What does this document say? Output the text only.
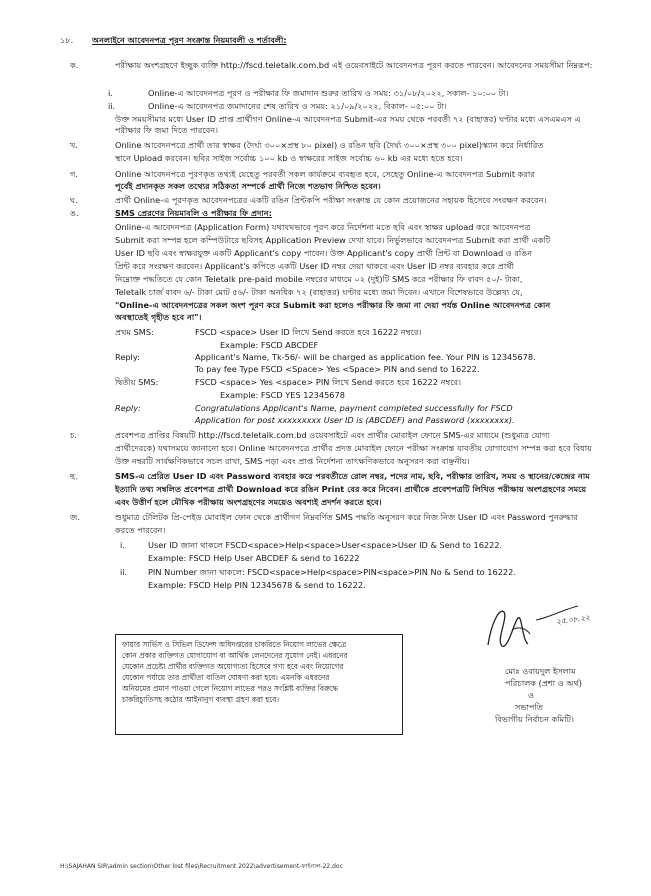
১৮. অনলাইনে আবেদনপত্র পূরণ সংক্রান্ত নিয়মাবলী ও শর্তাবলী:
ক.	পরীক্ষায় অংশগ্রহণে ইচ্ছুক ব্যক্তি http://fscd.teletalk.com.bd এই ওয়েবসাইটে আবেদনপত্র পূরণ করতে পারবেন। আবেদনের সময়সীমা নিম্নরূপ:
i.	Online-এ আবেদনপত্র পূরণ ও পরীক্ষার ফি জমাদান শুরুর তারিখ ও সময়: ৩১/০৮/২০২২, সকাল- ১০:০০ টা।
ii.	Online-এ আবেদনপত্র জমাদানের শেষ তারিখ ও সময়: ২১/০৯/২০২২, বিকাল- ০৫:০০ টা।
উক্ত সময়সীমার মধ্যে User ID প্রাপ্ত প্রার্থীগণ Online-এ আবেদনপত্র Submit-এর সময় থেকে পরবর্তী ৭২ (বাহাত্তর) ঘণ্টার মধ্যে এসএমএস এ
পরীক্ষার ফি জমা দিতে পারবেন।
খ.	Online আবেদনপত্রে প্রার্থী তার স্বাক্ষর (দৈর্ঘ্য ৩০০×প্রস্থ ৮০ pixel) ও রঙিন ছবি (দৈর্ঘ্য ৩০০×প্রস্থ ৩০০ pixel)স্ক্যান করে নির্ধারিত
স্থানে Upload করবেন। ছবির সাইজ সর্বোচ্চ ১০০ kb ও স্বাক্ষরের সাইজ সর্বোচ্চ ৬০ kb এর মধ্যে হতে হবে।
গ.	Online আবেদনপত্রে পূরণকৃত তথ্যই যেহেতু পরবর্তী সকল কার্যক্রমে ব্যবহৃত হবে, সেহেতু Online-এ আবেদনপত্র Submit করার
পূর্বেই প্রদানকৃত সকল তথ্যের সঠিকতা সম্পর্কে প্রার্থী নিজে শতভাগ নিশ্চিত হবেন।
ঘ.	প্রার্থী Online-এ পূরণকৃত আবেদনপত্রের একটি রঙিন প্রিন্টকপি পরীক্ষা সংক্রান্ত যে কোন প্রয়োজনের সহায়ক হিসেবে সংরক্ষণ করবেন।
ঙ.	SMS প্রেরণের নিয়মাবলি ও পরীক্ষার ফি প্রদান:
Online-এ আবেদনপত্র (Application Form) যথাযথভাবে পূরণ করে নির্দেশনা মতে ছবি এবং স্বাক্ষর upload করে আবেদনপত্র
Submit করা সম্পন্ন হলে কম্পিউটারে ছবিসহ Application Preview দেখা যাবে। নির্ভুলভাবে আবেদনপত্র Submit করা প্রার্থী একটি
User ID ছবি এবং স্বাক্ষরযুক্ত একটি Applicant's copy পাবেন। উক্ত Applicant's copy প্রার্থী প্রিন্ট বা Download ও রঙিন
প্রিন্ট করে সংরক্ষণ করবেন। Applicant's কপিতে একটি User ID নম্বর দেয়া থাকবে এবং User ID নম্বর ব্যবহার করে প্রার্থী
নিম্নোক্ত পদ্ধতিতে যে কোন Teletalk pre-paid mobile নম্বরের মাধ্যমে ০২ (দুই)টি SMS করে পরীক্ষার ফি বাবদ ৫০/- টাকা,
Teletalk চার্জ বাবদ ৬/- টাকা মোট ৫৬/- টাকা অনধিক ৭২ (বাহাত্তর) ঘণ্টার মধ্যে জমা দিবেন। এখানে বিশেষভাবে উল্লেখ্য যে,
"Online-এ আবেদনপত্রের সকল অংশ পূরণ করে Submit করা হলেও পরীক্ষার ফি জমা না দেয়া পর্যন্ত Online আবেদনপত্র কোন
অবস্থাতেই গৃহীত হবে না"।
প্রথম SMS:	FSCD <space> User ID লিখে Send করতে হবে 16222 নম্বরে।
Example: FSCD ABCDEF
Reply:	Applicant's Name, Tk-56/- will be charged as application fee. Your PIN is 12345678.
To pay fee Type FSCD <Space> Yes <Space> PIN and send to 16222.
দ্বিতীয় SMS:	FSCD <space> Yes <space> PIN লিখে Send করতে হবে 16222 নম্বরে।
Example: FSCD YES 12345678
Reply:	Congratulations Applicant's Name, payment completed successfully for FSCD
Application for post xxxxxxxxx User ID is (ABCDEF) and Password (xxxxxxxx).
চ.	প্রবেশপত্র প্রাপ্তির বিষয়টি http://fscd.teletalk.com.bd ওয়েবসাইটে এবং প্রার্থীর মোবাইল ফোনে SMS-এর মাধ্যমে (শুধুমাত্র যোগ্য
প্রার্থীদেরকে) যথাসময়ে জানানো হবে। Online আবেদনপত্রে প্রার্থীর প্রদত্ত মোবাইল ফোনে পরীক্ষা সংক্রান্ত যাবতীয় যোগাযোগ সম্পন্ন করা হবে বিধায়
উক্ত নম্বরটি সার্বক্ষণিকভাবে সচল রাখা, SMS পড়া এবং প্রাপ্ত নির্দেশনা তাৎক্ষণিকভাবে অনুসরণ করা বাঞ্ছনীয়।
ছ.	SMS-এ প্রেরিত User ID এবং Password ব্যবহার করে পরবর্তীতে রোল নম্বর, পদের নাম, ছবি, পরীক্ষার তারিখ, সময় ও স্থানের/কেন্দ্রের নাম
ইত্যাদি তথ্য সম্বলিত প্রবেশপত্র প্রার্থী Download করে রঙিন Print বের করে নিবেন। প্রার্থীকে প্রবেশপত্রটি লিখিত পরীক্ষায় অংশগ্রহণের সময়ে
এবং উত্তীর্ণ হলে মৌখিক পরীক্ষায় অংশগ্রহণের সময়েও অবশ্যই প্রদর্শন করতে হবে।
জ.	শুধুমাত্র টেলিটক প্রি-পেইড মোবাইল ফোন থেকে প্রার্থীগণ নিম্নবর্ণিত SMS পদ্ধতি অনুসরণ করে নিজ নিজ User ID এবং Password পুনরুদ্ধার
করতে পারবেন।
i.	User ID জানা থাকলে FSCD<space>Help<space>User<space>User ID & Send to 16222.
Example: FSCD Help User ABCDEF & send to 16222
ii.	PIN Number জানা থাকলে: FSCD<space>Help<space>PIN<space>PIN No & Send to 16222.
Example: FSCD Help PIN 12345678 & send to 16222.
ফায়ার সার্ভিস ও সিভিল ডিফেন্স অধিদপ্তরের চাকরিতে নিয়োগ লাভের ক্ষেত্রে
কোন প্রকার ব্যক্তিগত যোগাযোগ বা আর্থিক লেনদেনের সুযোগ নেই। এধরনের
যেকোন প্রচেষ্টা প্রার্থীর ব্যক্তিগত অযোগ্যতা হিসেবে গণ্য হবে এবং নিয়োগের
যেকোন পর্যায়ে তার প্রার্থীতা বাতিল ঘোষণা করা হবে। এমনকি এধরনের
অনিয়মের প্রমাণ পাওয়া গেলে নিয়োগ লাভের পরও সংশ্লিষ্ট ব্যক্তির বিরুদ্ধে
চাকরিচ্যুতিসহ কঠোর আইনানুগ ব্যবস্থা গ্রহণ করা হবে।
২৫.০৮.২২
মোঃ ওবায়দুল ইসলাম
পরিচালক (প্রশা ও অর্থ)
ও
সভাপতি
বিভাগীয় নির্বাচন কমিটি।
H:\SAJAHAN SIR\admin section\Other lost files\Recruitment 2022\advertisement-ফাইনাল-22.doc
